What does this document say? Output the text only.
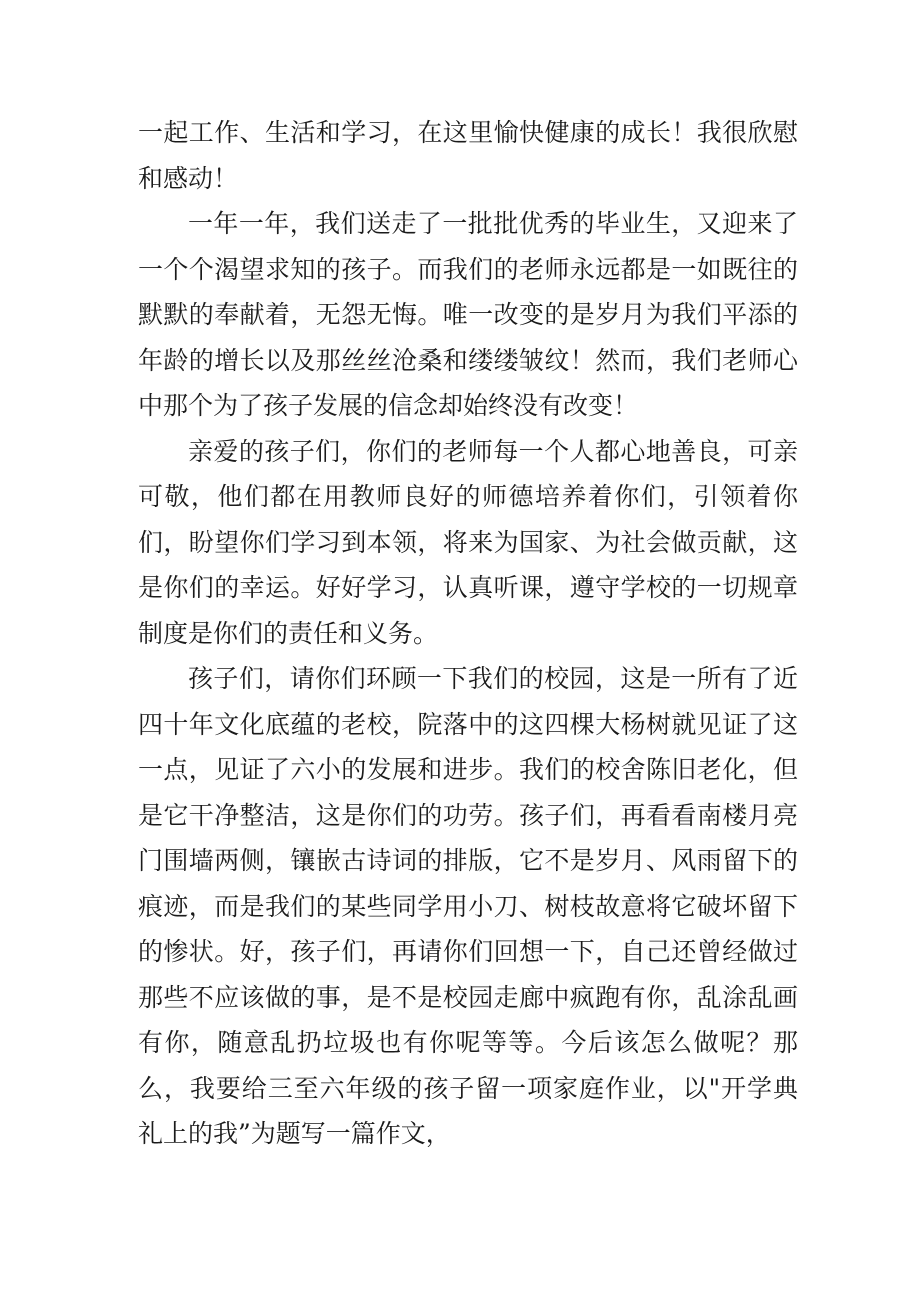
一起工作、生活和学习，在这里愉快健康的成长！我很欣慰和感动！

一年一年，我们送走了一批批优秀的毕业生，又迎来了一个个渴望求知的孩子。而我们的老师永远都是一如既往的默默的奉献着，无怨无悔。唯一改变的是岁月为我们平添的年龄的增长以及那丝丝沧桑和缕缕皱纹！然而，我们老师心中那个为了孩子发展的信念却始终没有改变！

亲爱的孩子们，你们的老师每一个人都心地善良，可亲可敬，他们都在用教师良好的师德培养着你们，引领着你们，盼望你们学习到本领，将来为国家、为社会做贡献，这是你们的幸运。好好学习，认真听课，遵守学校的一切规章制度是你们的责任和义务。

孩子们，请你们环顾一下我们的校园，这是一所有了近四十年文化底蕴的老校，院落中的这四棵大杨树就见证了这一点，见证了六小的发展和进步。我们的校舍陈旧老化，但是它干净整洁，这是你们的功劳。孩子们，再看看南楼月亮门围墙两侧，镶嵌古诗词的排版，它不是岁月、风雨留下的痕迹，而是我们的某些同学用小刀、树枝故意将它破坏留下的惨状。好，孩子们，再请你们回想一下，自己还曾经做过那些不应该做的事，是不是校园走廊中疯跑有你，乱涂乱画有你，随意乱扔垃圾也有你呢等等。今后该怎么做呢？那么，我要给三至六年级的孩子留一项家庭作业，以"开学典礼上的我”为题写一篇作文，
